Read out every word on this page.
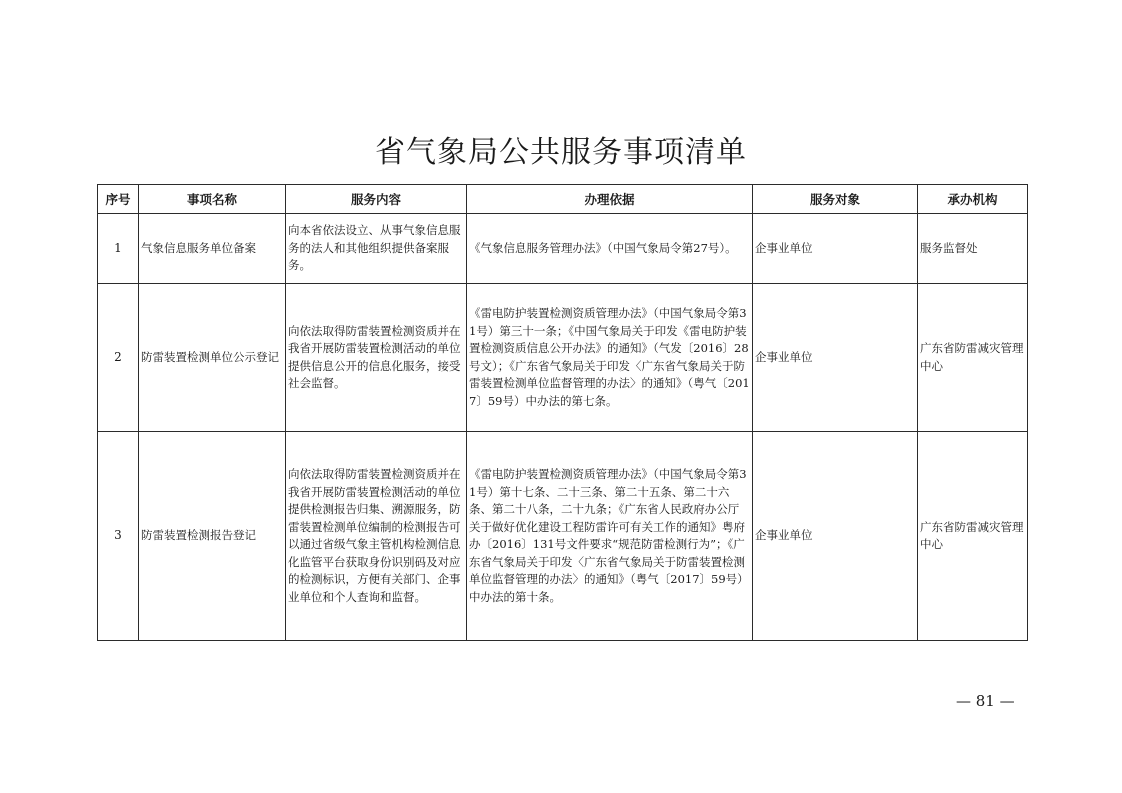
省气象局公共服务事项清单
序号	事项名称	服务内容	办理依据	服务对象	承办机构
1	气象信息服务单位备案	向本省依法设立、从事气象信息服务的法人和其他组织提供备案服务。	《气象信息服务管理办法》（中国气象局令第27号）。	企事业单位	服务监督处
2	防雷装置检测单位公示登记	向依法取得防雷装置检测资质并在我省开展防雷装置检测活动的单位提供信息公开的信息化服务，接受社会监督。	《雷电防护装置检测资质管理办法》（中国气象局令第31号）第三十一条；《中国气象局关于印发《雷电防护装置检测资质信息公开办法》的通知》（气发〔2016〕28号文）；《广东省气象局关于印发〈广东省气象局关于防雷装置检测单位监督管理的办法〉的通知》（粤气〔2017〕59号）中办法的第七条。	企事业单位	广东省防雷减灾管理中心
3	防雷装置检测报告登记	向依法取得防雷装置检测资质并在我省开展防雷装置检测活动的单位提供检测报告归集、溯源服务，防雷装置检测单位编制的检测报告可以通过省级气象主管机构检测信息化监管平台获取身份识别码及对应的检测标识，方便有关部门、企事业单位和个人查询和监督。	《雷电防护装置检测资质管理办法》（中国气象局令第31号）第十七条、二十三条、第二十五条、第二十六条、第二十八条，二十九条；《广东省人民政府办公厅关于做好优化建设工程防雷许可有关工作的通知》粤府办〔2016〕131号文件要求“规范防雷检测行为”；《广东省气象局关于印发〈广东省气象局关于防雷装置检测单位监督管理的办法〉的通知》（粤气〔2017〕59号）中办法的第十条。	企事业单位	广东省防雷减灾管理中心
— 81 —
